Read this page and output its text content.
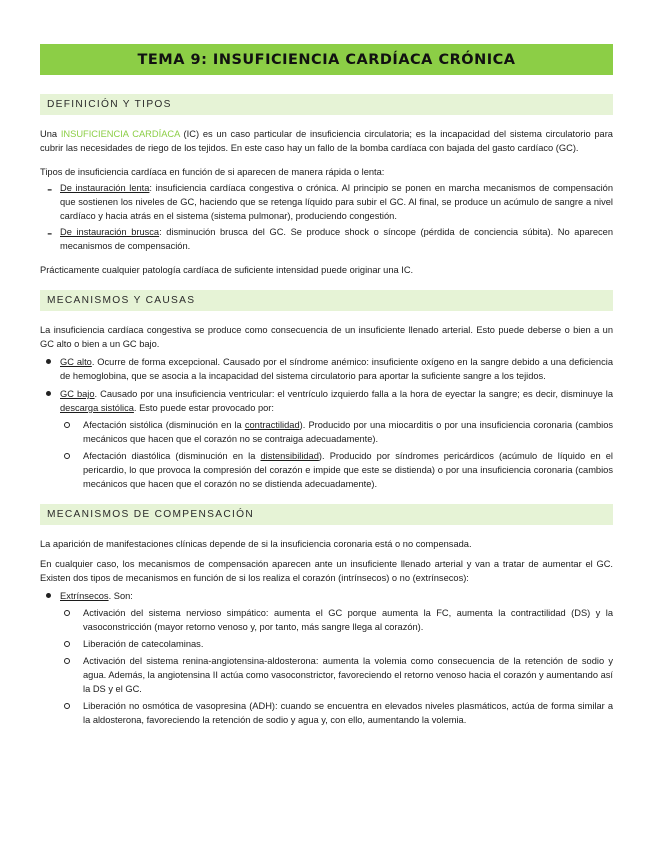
TEMA 9: INSUFICIENCIA CARDÍACA CRÓNICA
DEFINICIÓN Y TIPOS

Una INSUFICIENCIA CARDÍACA (IC) es un caso particular de insuficiencia circulatoria; es la incapacidad del sistema circulatorio para cubrir las necesidades de riego de los tejidos. En este caso hay un fallo de la bomba cardíaca con bajada del gasto cardíaco (GC).

Tipos de insuficiencia cardíaca en función de si aparecen de manera rápida o lenta:

- De instauración lenta: insuficiencia cardíaca congestiva o crónica. Al principio se ponen en marcha mecanismos de compensación que sostienen los niveles de GC, haciendo que se retenga líquido para subir el GC. Al final, se produce un acúmulo de sangre a nivel cardíaco y hacia atrás en el sistema (sistema pulmonar), produciendo congestión.

- De instauración brusca: disminución brusca del GC. Se produce shock o síncope (pérdida de conciencia súbita). No aparecen mecanismos de compensación.

Prácticamente cualquier patología cardíaca de suficiente intensidad puede originar una IC.

MECANISMOS Y CAUSAS

La insuficiencia cardíaca congestiva se produce como consecuencia de un insuficiente llenado arterial. Esto puede deberse o bien a un GC alto o bien a un GC bajo.

GC alto. Ocurre de forma excepcional. Causado por el síndrome anémico: insuficiente oxígeno en la sangre debido a una deficiencia de hemoglobina, que se asocia a la incapacidad del sistema circulatorio para aportar la suficiente sangre a los tejidos.

GC bajo. Causado por una insuficiencia ventricular: el ventrículo izquierdo falla a la hora de eyectar la sangre; es decir, disminuye la descarga sistólica. Esto puede estar provocado por:

Afectación sistólica (disminución en la contractilidad). Producido por una miocarditis o por una insuficiencia coronaria (cambios mecánicos que hacen que el corazón no se contraiga adecuadamente).

Afectación diastólica (disminución en la distensibilidad). Producido por síndromes pericárdicos (acúmulo de líquido en el pericardio, lo que provoca la compresión del corazón e impide que este se distienda) o por una insuficiencia coronaria (cambios mecánicos que hacen que el corazón no se distienda adecuadamente).

MECANISMOS DE COMPENSACIÓN

La aparición de manifestaciones clínicas depende de si la insuficiencia coronaria está o no compensada.

En cualquier caso, los mecanismos de compensación aparecen ante un insuficiente llenado arterial y van a tratar de aumentar el GC. Existen dos tipos de mecanismos en función de si los realiza el corazón (intrínsecos) o no (extrínsecos):

Extrínsecos. Son:

Activación del sistema nervioso simpático: aumenta el GC porque aumenta la FC, aumenta la contractilidad (DS) y la vasoconstricción (mayor retorno venoso y, por tanto, más sangre llega al corazón).

Liberación de catecolaminas.

Activación del sistema renina-angiotensina-aldosterona: aumenta la volemia como consecuencia de la retención de sodio y agua. Además, la angiotensina II actúa como vasoconstrictor, favoreciendo el retorno venoso hacia el corazón y aumentando así la DS y el GC.

Liberación no osmótica de vasopresina (ADH): cuando se encuentra en elevados niveles plasmáticos, actúa de forma similar a la aldosterona, favoreciendo la retención de sodio y agua y, con ello, aumentando la volemia.
